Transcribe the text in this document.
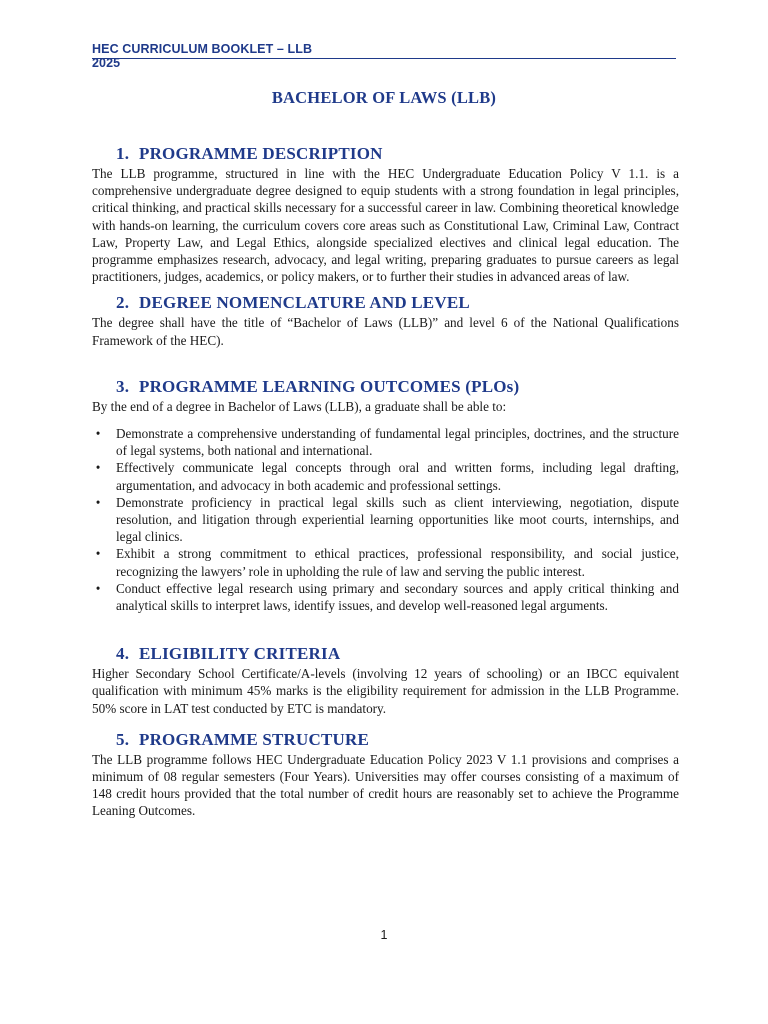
HEC CURRICULUM BOOKLET – LLB 2025
BACHELOR OF LAWS (LLB)
1. PROGRAMME DESCRIPTION

The LLB programme, structured in line with the HEC Undergraduate Education Policy V 1.1. is a comprehensive undergraduate degree designed to equip students with a strong foundation in legal principles, critical thinking, and practical skills necessary for a successful career in law. Combining theoretical knowledge with hands-on learning, the curriculum covers core areas such as Constitutional Law, Criminal Law, Contract Law, Property Law, and Legal Ethics, alongside specialized electives and clinical legal education. The programme emphasizes research, advocacy, and legal writing, preparing graduates to pursue careers as legal practitioners, judges, academics, or policy makers, or to further their studies in advanced areas of law.

2. DEGREE NOMENCLATURE AND LEVEL

The degree shall have the title of “Bachelor of Laws (LLB)” and level 6 of the National Qualifications Framework of the HEC).

3. PROGRAMME LEARNING OUTCOMES (PLOs)

By the end of a degree in Bachelor of Laws (LLB), a graduate shall be able to:

• Demonstrate a comprehensive understanding of fundamental legal principles, doctrines, and the structure of legal systems, both national and international.
• Effectively communicate legal concepts through oral and written forms, including legal drafting, argumentation, and advocacy in both academic and professional settings.
• Demonstrate proficiency in practical legal skills such as client interviewing, negotiation, dispute resolution, and litigation through experiential learning opportunities like moot courts, internships, and legal clinics.
• Exhibit a strong commitment to ethical practices, professional responsibility, and social justice, recognizing the lawyers’ role in upholding the rule of law and serving the public interest.
• Conduct effective legal research using primary and secondary sources and apply critical thinking and analytical skills to interpret laws, identify issues, and develop well-reasoned legal arguments.
4. ELIGIBILITY CRITERIA

Higher Secondary School Certificate/A-levels (involving 12 years of schooling) or an IBCC equivalent qualification with minimum 45% marks is the eligibility requirement for admission in the LLB Programme. 50% score in LAT test conducted by ETC is mandatory.

5. PROGRAMME STRUCTURE

The LLB programme follows HEC Undergraduate Education Policy 2023 V 1.1 provisions and comprises a minimum of 08 regular semesters (Four Years). Universities may offer courses consisting of a maximum of 148 credit hours provided that the total number of credit hours are reasonably set to achieve the Programme Leaning Outcomes.

1
